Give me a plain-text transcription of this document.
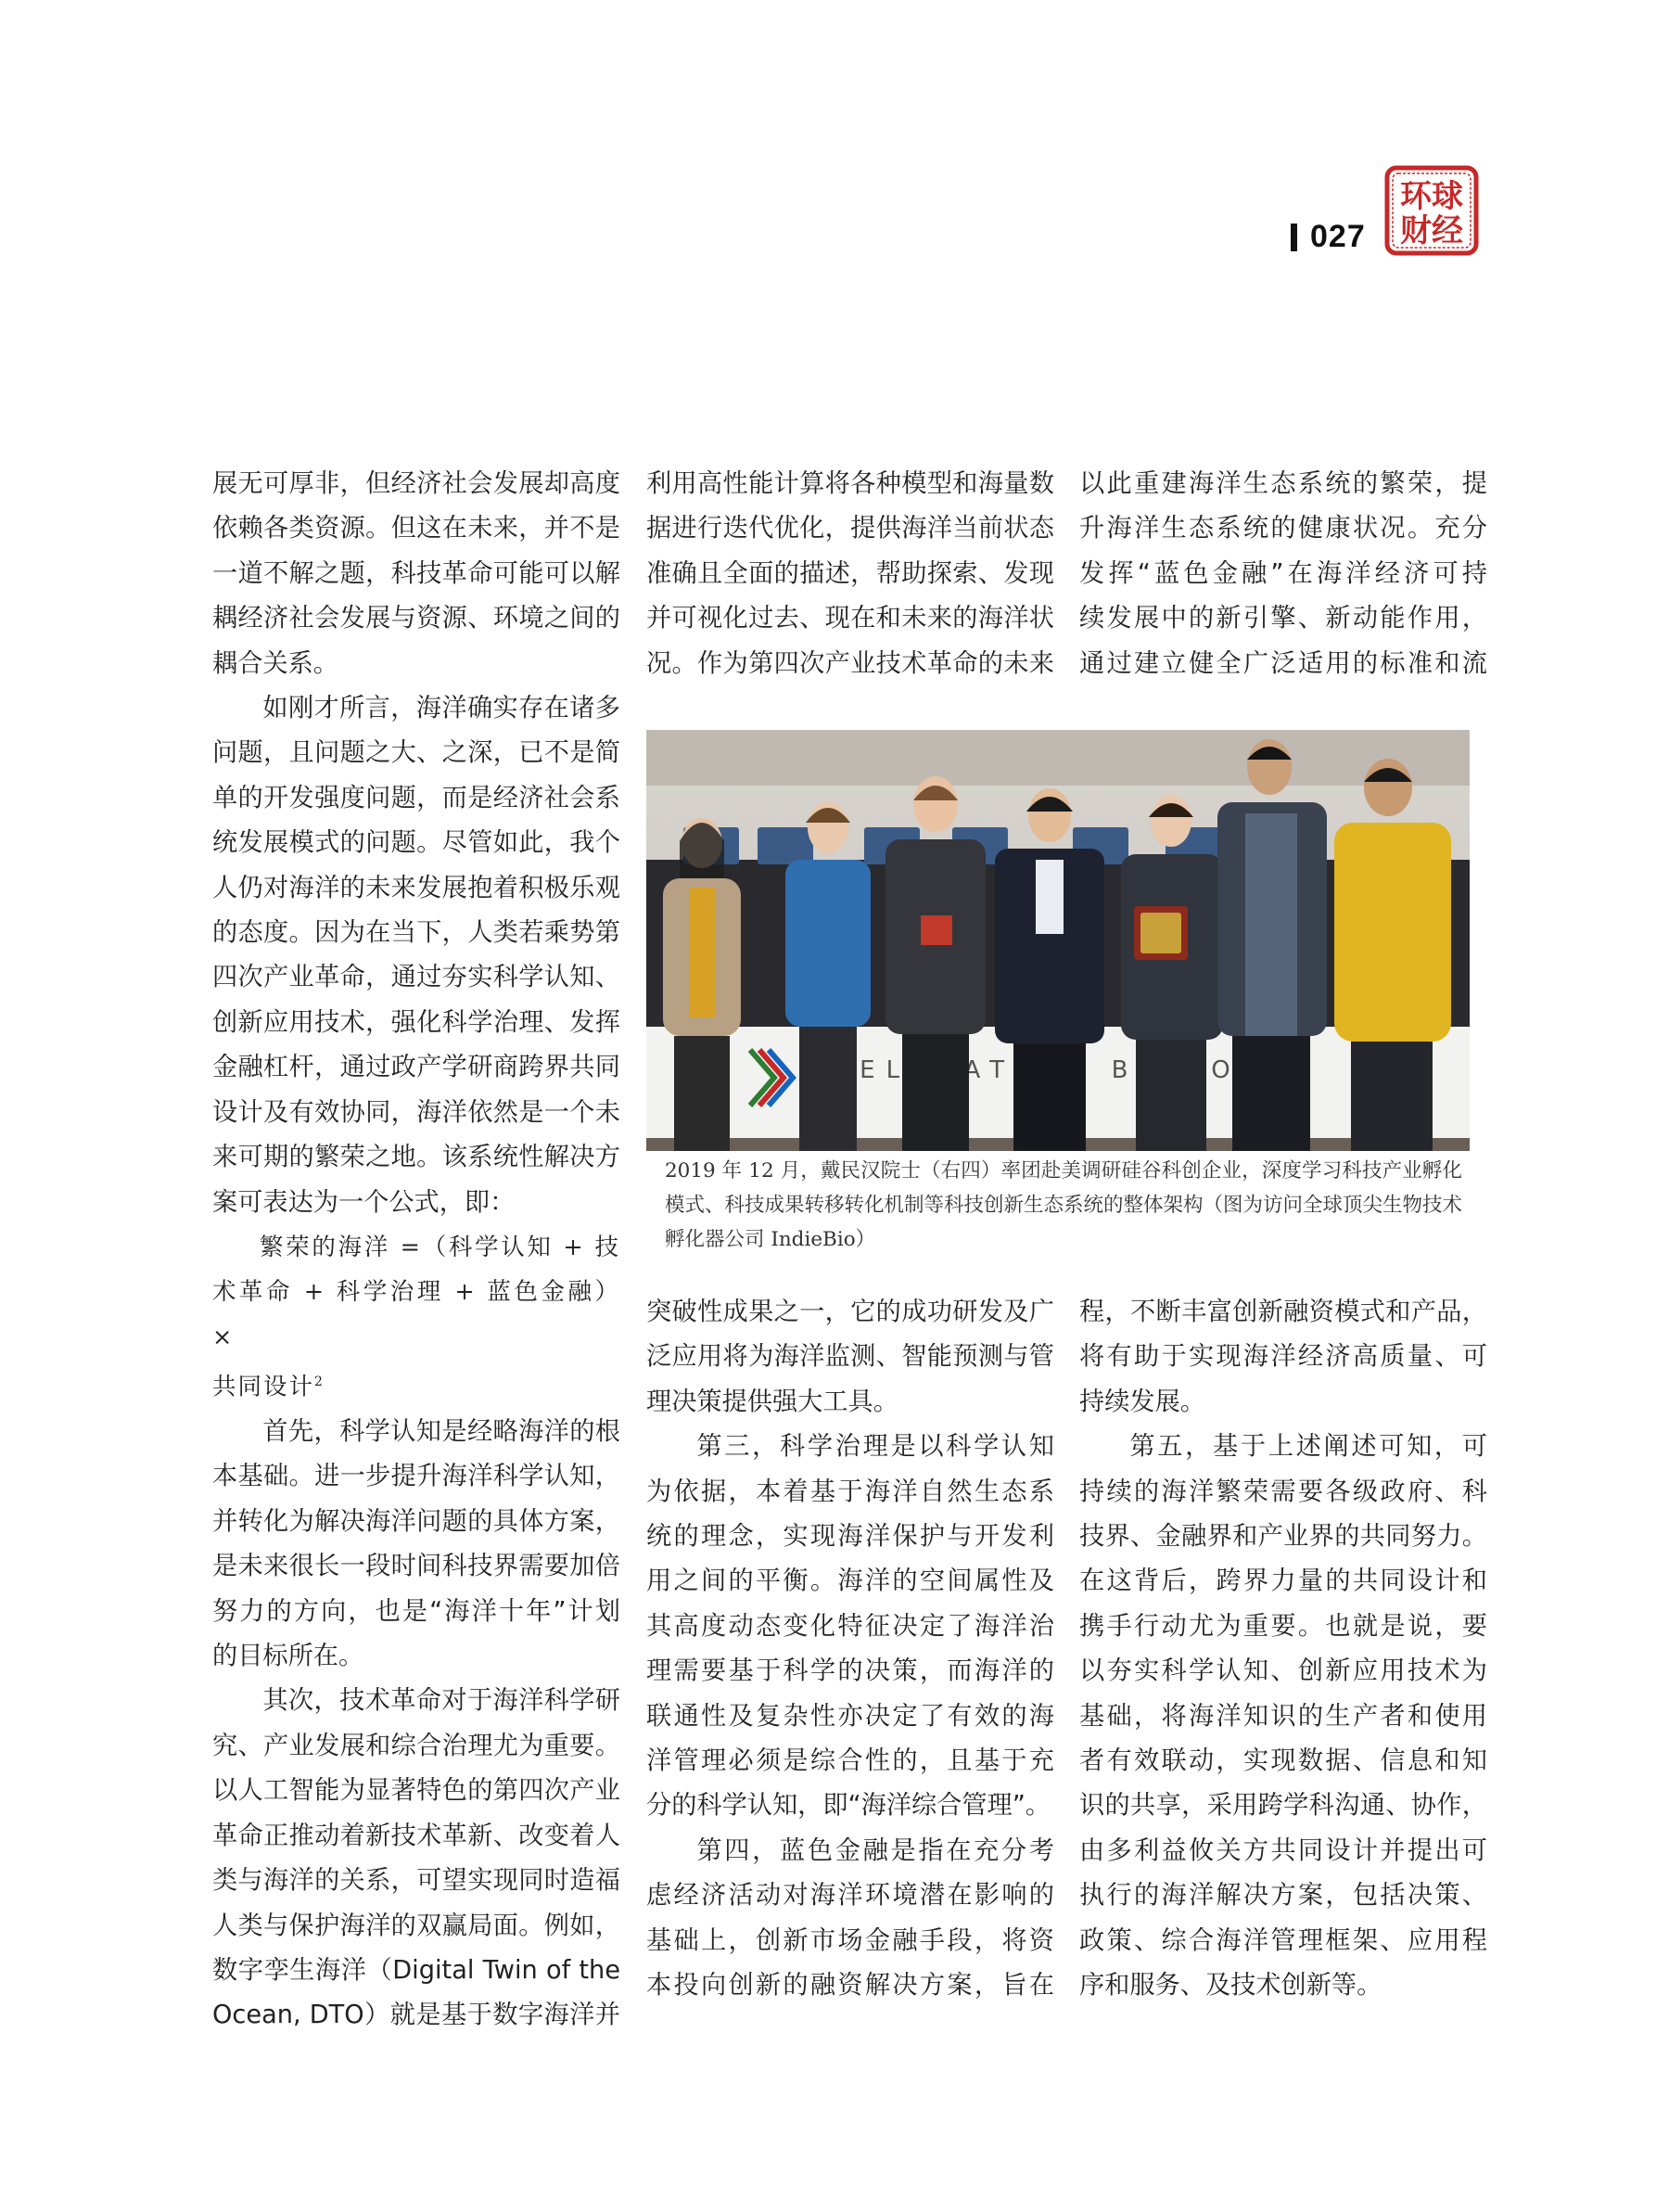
027
环球
财经

展无可厚非，但经济社会发展却高度

依赖各类资源。但这在未来，并不是

一道不解之题，科技革命可能可以解

耦经济社会发展与资源、环境之间的

耦合关系。

如刚才所言，海洋确实存在诸多

问题，且问题之大、之深，已不是简

单的开发强度问题，而是经济社会系

统发展模式的问题。尽管如此，我个

人仍对海洋的未来发展抱着积极乐观

的态度。因为在当下，人类若乘势第

四次产业革命，通过夯实科学认知、

创新应用技术，强化科学治理、发挥

金融杠杆，通过政产学研商跨界共同

设计及有效协同，海洋依然是一个未

来可期的繁荣之地。该系统性解决方

案可表达为一个公式，即：

繁荣的海洋 =（科学认知 + 技

术革命 + 科学治理 + 蓝色金融）×

共同设计$^2$

首先，科学认知是经略海洋的根

本基础。进一步提升海洋科学认知，

并转化为解决海洋问题的具体方案，

是未来很长一段时间科技界需要加倍

努力的方向，也是“海洋十年”计划

的目标所在。

其次，技术革命对于海洋科学研

究、产业发展和综合治理尤为重要。

以人工智能为显著特色的第四次产业

革命正推动着新技术革新、改变着人

类与海洋的关系，可望实现同时造福

人类与保护海洋的双赢局面。例如，

数字孪生海洋（Digital Twin of the

Ocean, DTO）就是基于数字海洋并

利用高性能计算将各种模型和海量数

据进行迭代优化，提供海洋当前状态

准确且全面的描述，帮助探索、发现

并可视化过去、现在和未来的海洋状

况。作为第四次产业技术革命的未来

以此重建海洋生态系统的繁荣，提

升海洋生态系统的健康状况。充分

发挥“蓝色金融”在海洋经济可持

续发展中的新引擎、新动能作用，

通过建立健全广泛适用的标准和流

2019 年 12 月，戴民汉院士（右四）率团赴美调研硅谷科创企业，深度学习科技产业孵化模式、科技成果转移转化机制等科技创新生态系统的整体架构（图为访问全球顶尖生物技术孵化器公司 IndieBio）

突破性成果之一，它的成功研发及广

泛应用将为海洋监测、智能预测与管

理决策提供强大工具。

第三，科学治理是以科学认知

为依据，本着基于海洋自然生态系

统的理念，实现海洋保护与开发利

用之间的平衡。海洋的空间属性及

其高度动态变化特征决定了海洋治

理需要基于科学的决策，而海洋的

联通性及复杂性亦决定了有效的海

洋管理必须是综合性的，且基于充

分的科学认知，即“海洋综合管理”。

第四，蓝色金融是指在充分考

虑经济活动对海洋环境潜在影响的

基础上，创新市场金融手段，将资

本投向创新的融资解决方案，旨在

程，不断丰富创新融资模式和产品，

将有助于实现海洋经济高质量、可

持续发展。

第五，基于上述阐述可知，可

持续的海洋繁荣需要各级政府、科

技界、金融界和产业界的共同努力。

在这背后，跨界力量的共同设计和

携手行动尤为重要。也就是说，要

以夯实科学认知、创新应用技术为

基础，将海洋知识的生产者和使用

者有效联动，实现数据、信息和知

识的共享，采用跨学科沟通、协作，

由多利益攸关方共同设计并提出可

执行的海洋解决方案，包括决策、

政策、综合海洋管理框架、应用程

序和服务、及技术创新等。
